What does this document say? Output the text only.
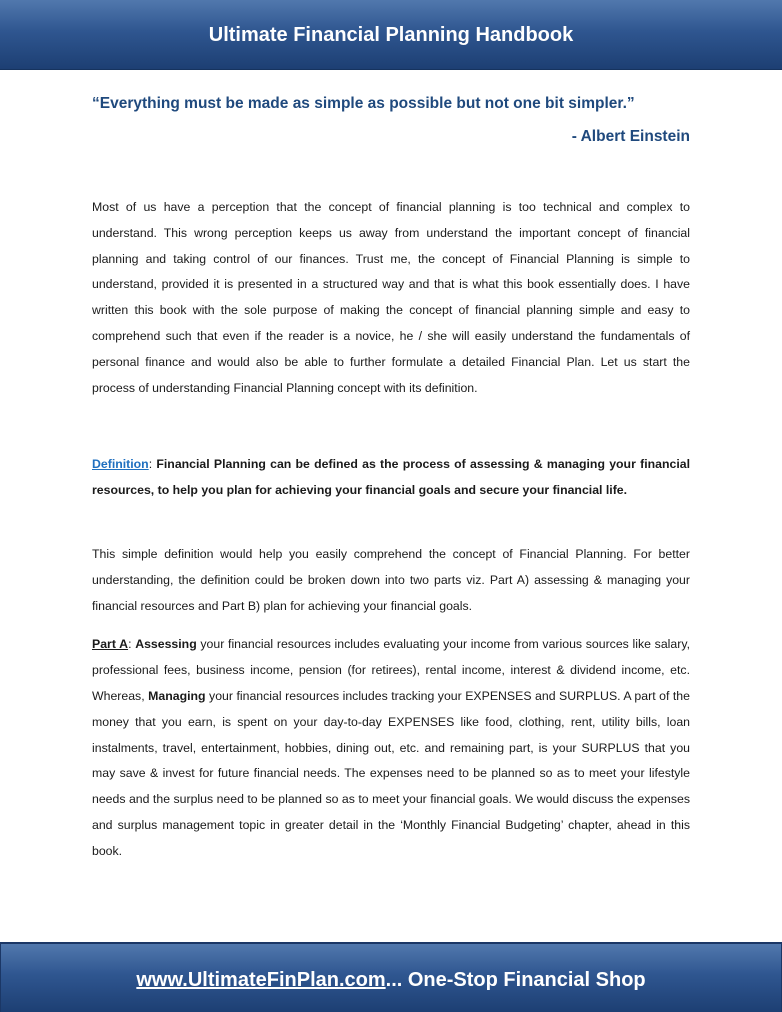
Ultimate Financial Planning Handbook

“Everything must be made as simple as possible but not one bit simpler.”

- Albert Einstein

Most of us have a perception that the concept of financial planning is too technical and complex to understand. This wrong perception keeps us away from understand the important concept of financial planning and taking control of our finances. Trust me, the concept of Financial Planning is simple to understand, provided it is presented in a structured way and that is what this book essentially does. I have written this book with the sole purpose of making the concept of financial planning simple and easy to comprehend such that even if the reader is a novice, he / she will easily understand the fundamentals of personal finance and would also be able to further formulate a detailed Financial Plan. Let us start the process of understanding Financial Planning concept with its definition.

Definition: Financial Planning can be defined as the process of assessing & managing your financial resources, to help you plan for achieving your financial goals and secure your financial life.

This simple definition would help you easily comprehend the concept of Financial Planning. For better understanding, the definition could be broken down into two parts viz. Part A) assessing & managing your financial resources and Part B) plan for achieving your financial goals.

Part A: Assessing your financial resources includes evaluating your income from various sources like salary, professional fees, business income, pension (for retirees), rental income, interest & dividend income, etc. Whereas, Managing your financial resources includes tracking your EXPENSES and SURPLUS. A part of the money that you earn, is spent on your day-to-day EXPENSES like food, clothing, rent, utility bills, loan instalments, travel, entertainment, hobbies, dining out, etc. and remaining part, is your SURPLUS that you may save & invest for future financial needs. The expenses need to be planned so as to meet your lifestyle needs and the surplus need to be planned so as to meet your financial goals. We would discuss the expenses and surplus management topic in greater detail in the ‘Monthly Financial Budgeting’ chapter, ahead in this book.

www.UltimateFinPlan.com... One-Stop Financial Shop
